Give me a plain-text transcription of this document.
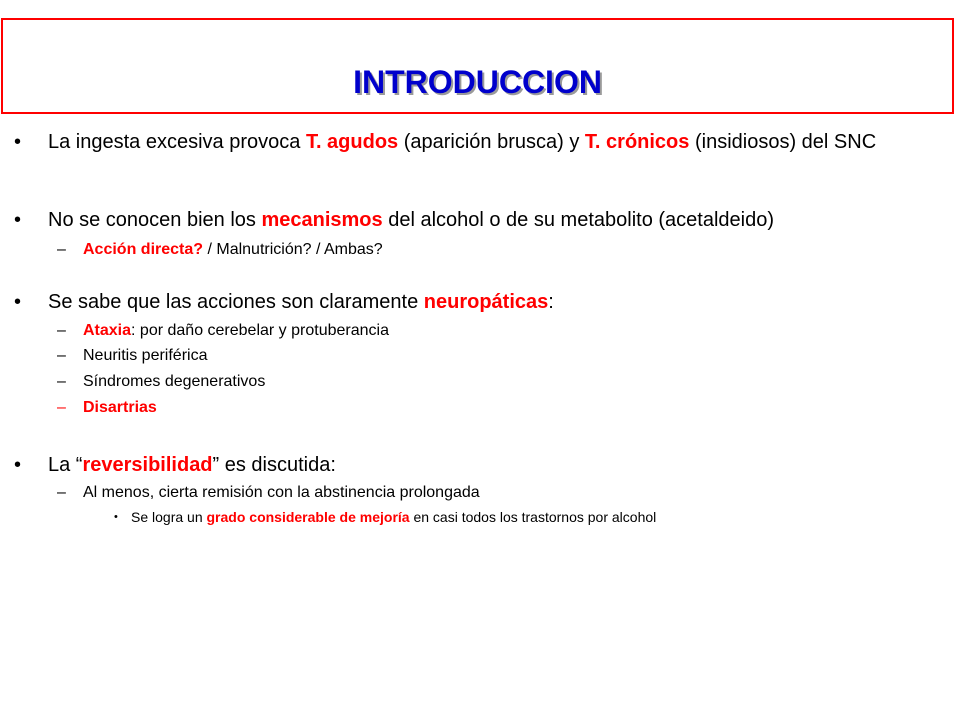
INTRODUCCION
• La ingesta excesiva provoca T. agudos (aparición brusca) y T. crónicos (insidiosos) del SNC
• No se conocen bien los mecanismos del alcohol o de su metabolito (acetaldeido)
– Acción directa? / Malnutrición? / Ambas?
• Se sabe que las acciones son claramente neuropáticas:
– Ataxia: por daño cerebelar y protuberancia
– Neuritis periférica
– Síndromes degenerativos
– Disartrias
• La “reversibilidad” es discutida:
– Al menos, cierta remisión con la abstinencia prolongada
• Se logra un grado considerable de mejoría en casi todos los trastornos por alcohol
